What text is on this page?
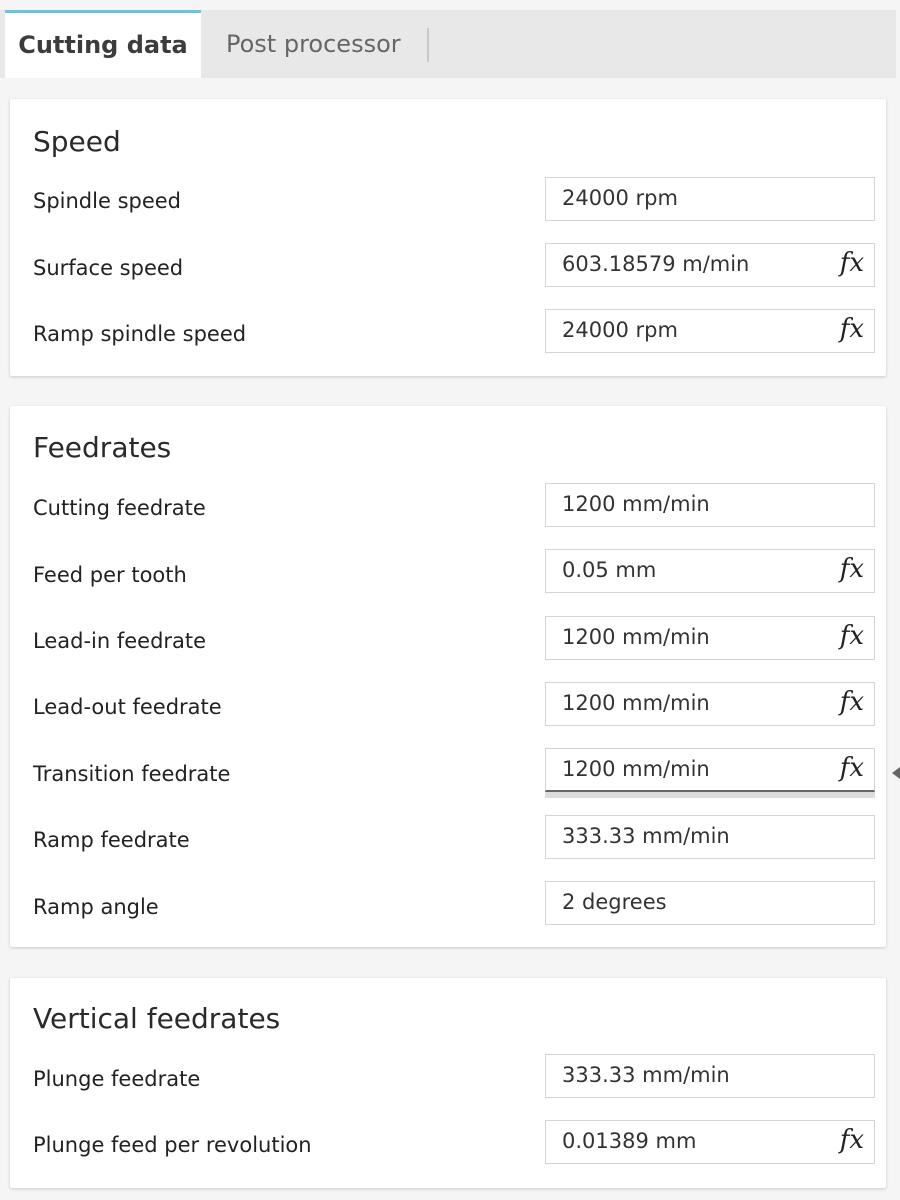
Cutting data	Post processor
Speed
Spindle speed	24000 rpm
Surface speed	603.18579 m/min	fх
Ramp spindle speed	24000 rpm	fх
Feedrates
Cutting feedrate	1200 mm/min
Feed per tooth	0.05 mm	fх
Lead-in feedrate	1200 mm/min	fх
Lead-out feedrate	1200 mm/min	fх
Transition feedrate	1200 mm/min	fх
Ramp feedrate	333.33 mm/min
Ramp angle	2 degrees
Vertical feedrates
Plunge feedrate	333.33 mm/min
Plunge feed per revolution	0.01389 mm	fх
